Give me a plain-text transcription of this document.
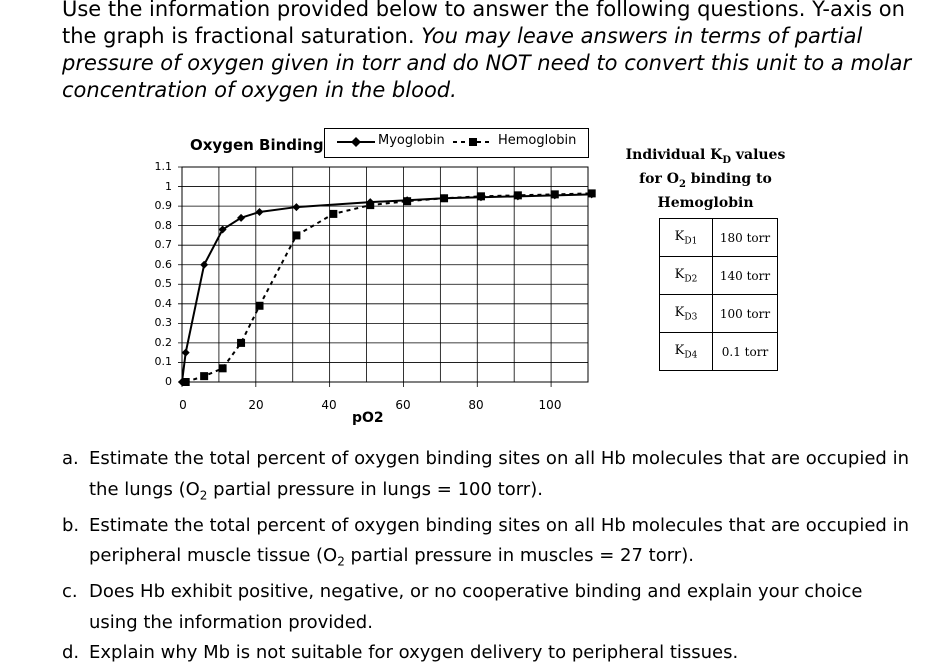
Use the information provided below to answer the following questions. Y-axis on
the graph is fractional saturation. You may leave answers in terms of partial
pressure of oxygen given in torr and do NOT need to convert this unit to a molar
concentration of oxygen in the blood.
Oxygen Binding	Myoglobin	Hemoglobin
1.1
1
0.9
0.8
0.7
0.6
0.5
0.4
0.3
0.2
0.1
0
0	20	40	60	80	100
pO2
Individual $K_D$ values
for $O_2$ binding to
Hemoglobin
$K_{D1}$	180 torr
$K_{D2}$	140 torr
$K_{D3}$	100 torr
$K_{D4}$	0.1 torr
a. Estimate the total percent of oxygen binding sites on all Hb molecules that are occupied in
the lungs ($O_2$ partial pressure in lungs = 100 torr).
b. Estimate the total percent of oxygen binding sites on all Hb molecules that are occupied in
peripheral muscle tissue ($O_2$ partial pressure in muscles = 27 torr).
c. Does Hb exhibit positive, negative, or no cooperative binding and explain your choice
using the information provided.
d. Explain why Mb is not suitable for oxygen delivery to peripheral tissues.
